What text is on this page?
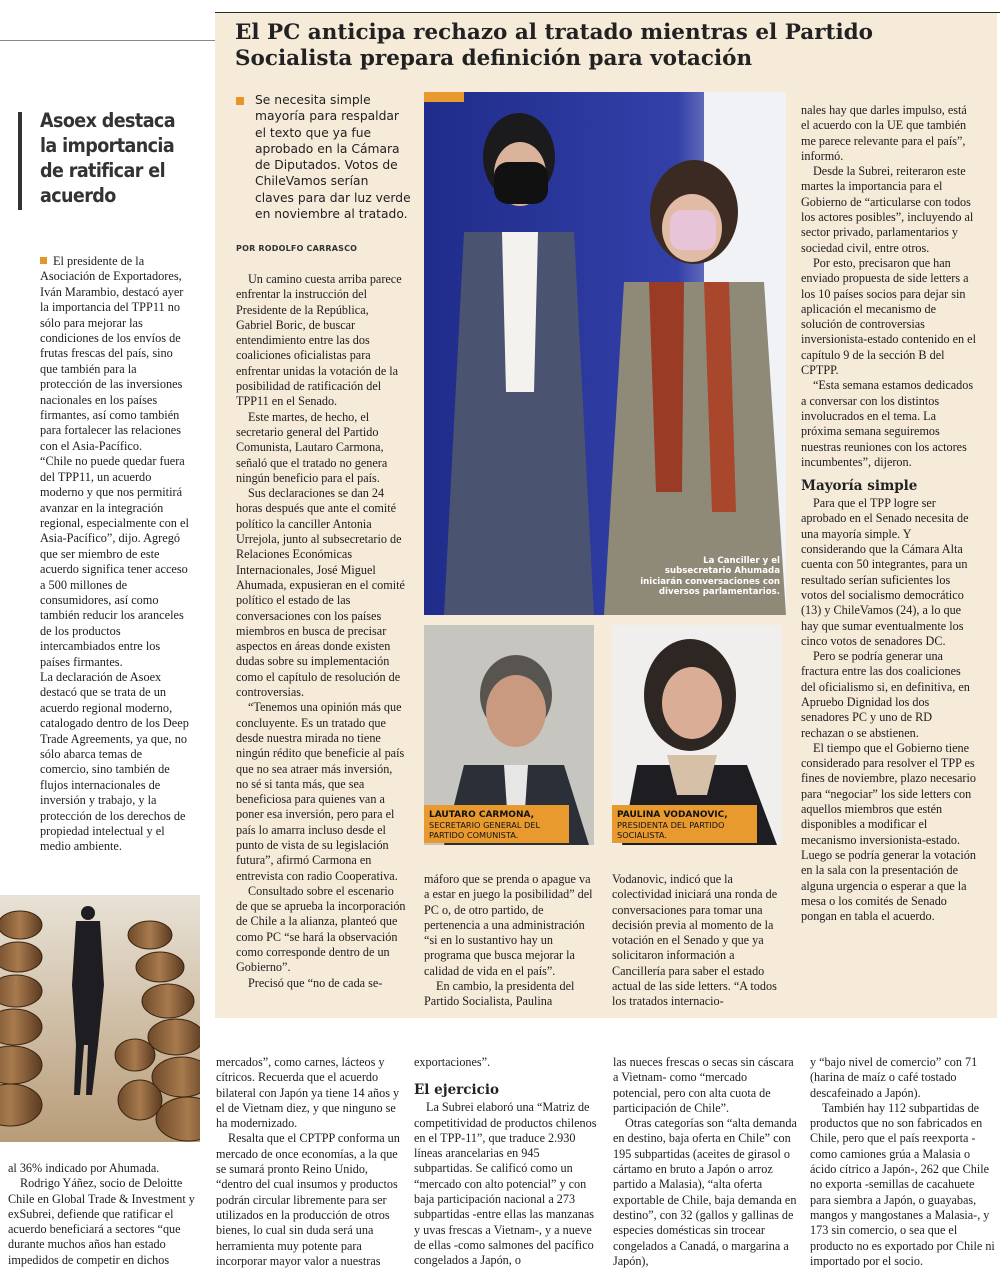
El PC anticipa rechazo al tratado mientras el Partido
Socialista prepara definición para votación
Asoex destaca
la importancia
de ratificar el
acuerdo

El presidente de la Asociación de Exportadores, Iván Marambio, destacó ayer la importancia del TPP11 no sólo para mejorar las condiciones de los envíos de frutas frescas del país, sino que también para la protección de las inversiones nacionales en los países firmantes, así como también para fortalecer las relaciones con el Asia-Pacífico.

“Chile no puede quedar fuera del TPP11, un acuerdo moderno y que nos permitirá avanzar en la integración regional, especialmente con el Asia-Pacífico”, dijo. Agregó que ser miembro de este acuerdo significa tener acceso a 500 millones de consumidores, así como también reducir los aranceles de los productos intercambiados entre los países firmantes.

La declaración de Asoex destacó que se trata de un acuerdo regional moderno, catalogado dentro de los Deep Trade Agreements, ya que, no sólo abarca temas de comercio, sino también de flujos internacionales de inversión y trabajo, y la protección de los derechos de propiedad intelectual y el medio ambiente.

Se necesita simple mayoría para respaldar el texto que ya fue aprobado en la Cámara de Diputados. Votos de ChileVamos serían claves para dar luz verde en noviembre al tratado.
POR RODOLFO CARRASCO

Un camino cuesta arriba parece enfrentar la instrucción del Presidente de la República, Gabriel Boric, de buscar entendimiento entre las dos coaliciones oficialistas para enfrentar unidas la votación de la posibilidad de ratificación del TPP11 en el Senado.

Este martes, de hecho, el secretario general del Partido Comunista, Lautaro Carmona, señaló que el tratado no genera ningún beneficio para el país.

Sus declaraciones se dan 24 horas después que ante el comité político la canciller Antonia Urrejola, junto al subsecretario de Relaciones Económicas Internacionales, José Miguel Ahumada, expusieran en el comité político el estado de las conversaciones con los países miembros en busca de precisar aspectos en áreas donde existen dudas sobre su implementación como el capítulo de resolución de controversias.

“Tenemos una opinión más que concluyente. Es un tratado que desde nuestra mirada no tiene ningún rédito que beneficie al país que no sea atraer más inversión, no sé si tanta más, que sea beneficiosa para quienes van a poner esa inversión, pero para el país lo amarra incluso desde el punto de vista de su legislación futura”, afirmó Carmona en entrevista con radio Cooperativa.

Consultado sobre el escenario de que se aprueba la incorporación de Chile a la alianza, planteó que como PC “se hará la observación como corresponde dentro de un Gobierno”.

Precisó que “no de cada se-

La Canciller y el subsecretario Ahumada iniciarán conversaciones con diversos parlamentarios.
LAUTARO CARMONA,
SECRETARIO GENERAL DEL PARTIDO COMUNISTA.
PAULINA VODANOVIC,
PRESIDENTA DEL PARTIDO SOCIALISTA.

máforo que se prenda o apague va a estar en juego la posibilidad” del PC o, de otro partido, de pertenencia a una administración “si en lo sustantivo hay un programa que busca mejorar la calidad de vida en el país”.

En cambio, la presidenta del Partido Socialista, Paulina

Vodanovic, indicó que la colectividad iniciará una ronda de conversaciones para tomar una decisión previa al momento de la votación en el Senado y que ya solicitaron información a Cancillería para saber el estado actual de las side letters. “A todos los tratados internacio-

nales hay que darles impulso, está el acuerdo con la UE que también me parece relevante para el país”, informó.

Desde la Subrei, reiteraron este martes la importancia para el Gobierno de “articularse con todos los actores posibles”, incluyendo al sector privado, parlamentarios y sociedad civil, entre otros.

Por esto, precisaron que han enviado propuesta de side letters a los 10 países socios para dejar sin aplicación el mecanismo de solución de controversias inversionista-estado contenido en el capítulo 9 de la sección B del CPTPP.

“Esta semana estamos dedicados a conversar con los distintos involucrados en el tema. La próxima semana seguiremos nuestras reuniones con los actores incumbentes”, dijeron.

Mayoría simple

Para que el TPP logre ser aprobado en el Senado necesita de una mayoría simple. Y considerando que la Cámara Alta cuenta con 50 integrantes, para un resultado serían suficientes los votos del socialismo democrático (13) y ChileVamos (24), a lo que hay que sumar eventualmente los cinco votos de senadores DC.

Pero se podría generar una fractura entre las dos coaliciones del oficialismo si, en definitiva, en Apruebo Dignidad los dos senadores PC y uno de RD rechazan o se abstienen.

El tiempo que el Gobierno tiene considerado para resolver el TPP es fines de noviembre, plazo necesario para “negociar” los side letters con aquellos miembros que estén disponibles a modificar el mecanismo inversionista-estado. Luego se podría generar la votación en la sala con la presentación de alguna urgencia o esperar a que la mesa o los comités de Senado pongan en tabla el acuerdo.

al 36% indicado por Ahumada.

Rodrigo Yáñez, socio de Deloitte Chile en Global Trade & Investment y exSubrei, defiende que ratificar el acuerdo beneficiará a sectores “que durante muchos años han estado impedidos de competir en dichos

mercados”, como carnes, lácteos y cítricos. Recuerda que el acuerdo bilateral con Japón ya tiene 14 años y el de Vietnam diez, y que ninguno se ha modernizado.

Resalta que el CPTPP conforma un mercado de once economías, a la que se sumará pronto Reino Unido, “dentro del cual insumos y productos podrán circular libremente para ser utilizados en la producción de otros bienes, lo cual sin duda será una herramienta muy potente para incorporar mayor valor a nuestras

exportaciones”.

El ejercicio

La Subrei elaboró una “Matriz de competitividad de productos chilenos en el TPP-11”, que traduce 2.930 líneas arancelarias en 945 subpartidas. Se calificó como un “mercado con alto potencial” y con baja participación nacional a 273 subpartidas -entre ellas las manzanas y uvas frescas a Vietnam-, y a nueve de ellas -como salmones del pacífico congelados a Japón, o

las nueces frescas o secas sin cáscara a Vietnam- como “mercado potencial, pero con alta cuota de participación de Chile”.

Otras categorías son “alta demanda en destino, baja oferta en Chile” con 195 subpartidas (aceites de girasol o cártamo en bruto a Japón o arroz partido a Malasia), “alta oferta exportable de Chile, baja demanda en destino”, con 32 (gallos y gallinas de especies domésticas sin trocear congelados a Canadá, o margarina a Japón),

y “bajo nivel de comercio” con 71 (harina de maíz o café tostado descafeinado a Japón).

También hay 112 subpartidas de productos que no son fabricados en Chile, pero que el país reexporta -como camiones grúa a Malasia o ácido cítrico a Japón-, 262 que Chile no exporta -semillas de cacahuete para siembra a Japón, o guayabas, mangos y mangostanes a Malasia-, y 173 sin comercio, o sea que el producto no es exportado por Chile ni importado por el socio.
